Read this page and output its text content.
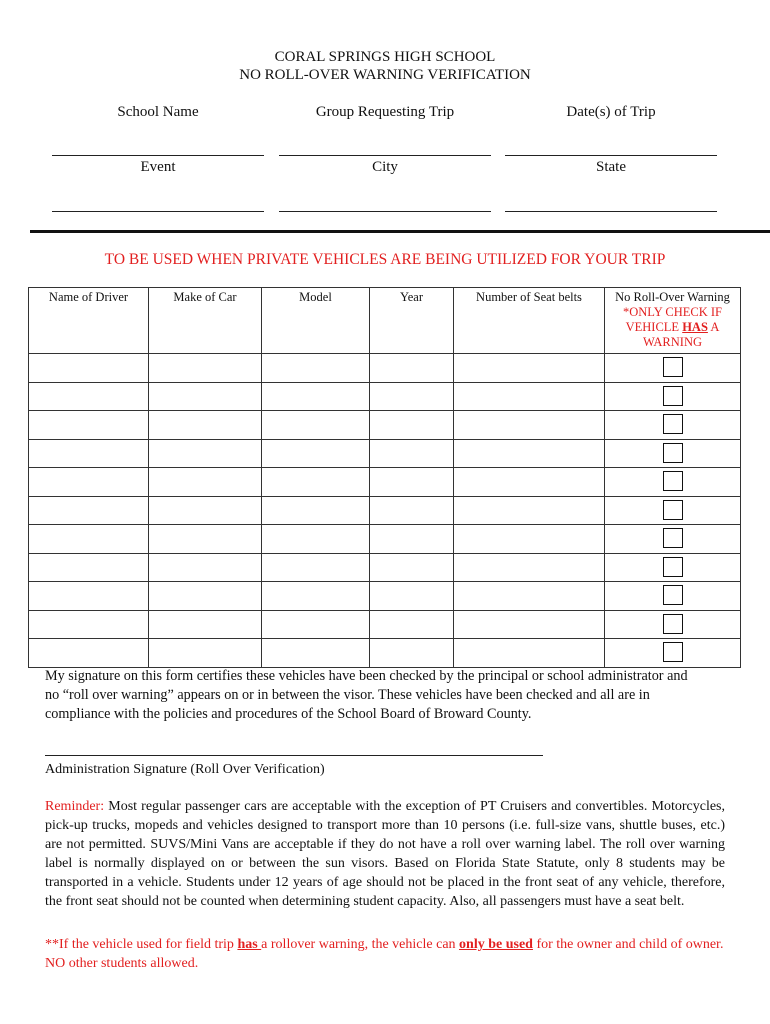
CORAL SPRINGS HIGH SCHOOL
NO ROLL-OVER WARNING VERIFICATION
School Name	Group Requesting Trip	Date(s) of Trip
Event	City	State
TO BE USED WHEN PRIVATE VEHICLES ARE BEING UTILIZED FOR YOUR TRIP
Name of Driver	Make of Car	Model	Year	Number of Seat belts	No Roll-Over Warning
*ONLY CHECK IF VEHICLE HAS A WARNING

My signature on this form certifies these vehicles have been checked by the principal or school administrator and no “roll over warning” appears on or in between the visor. These vehicles have been checked and all are in compliance with the policies and procedures of the School Board of Broward County.
Administration Signature (Roll Over Verification)
Reminder: Most regular passenger cars are acceptable with the exception of PT Cruisers and convertibles. Motorcycles, pick-up trucks, mopeds and vehicles designed to transport more than 10 persons (i.e. full-size vans, shuttle buses, etc.) are not permitted. SUVS/Mini Vans are acceptable if they do not have a roll over warning label. The roll over warning label is normally displayed on or between the sun visors. Based on Florida State Statute, only 8 students may be transported in a vehicle. Students under 12 years of age should not be placed in the front seat of any vehicle, therefore, the front seat should not be counted when determining student capacity. Also, all passengers must have a seat belt.
**If the vehicle used for field trip has a rollover warning, the vehicle can only be used for the owner and child of owner. NO other students allowed.
